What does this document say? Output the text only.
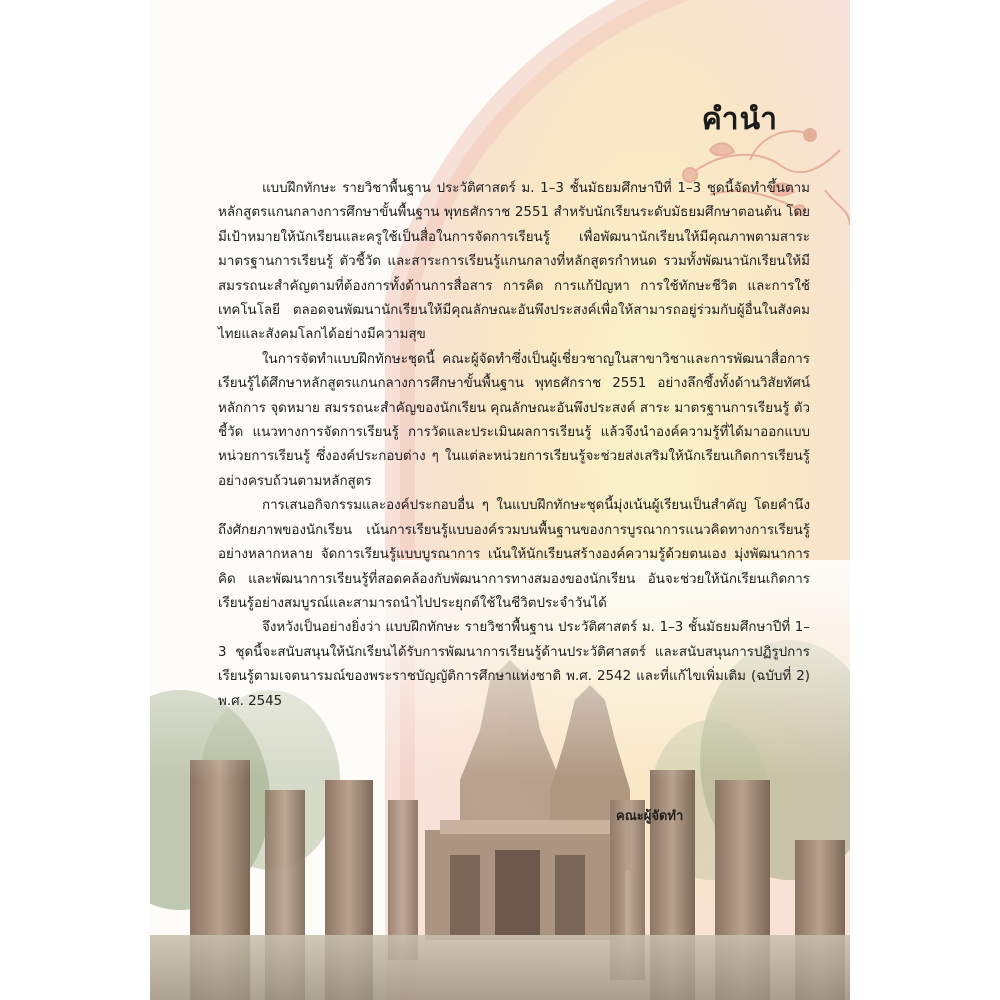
คำนำ

แบบฝึกทักษะ รายวิชาพื้นฐาน ประวัติศาสตร์ ม. 1–3 ชั้นมัธยมศึกษาปีที่ 1–3 ชุดนี้จัดทำขึ้นตามหลักสูตรแกนกลางการศึกษาขั้นพื้นฐาน พุทธศักราช 2551 สำหรับนักเรียนระดับมัธยมศึกษาตอนต้น โดยมีเป้าหมายให้นักเรียนและครูใช้เป็นสื่อในการจัดการเรียนรู้ เพื่อพัฒนานักเรียนให้มีคุณภาพตามสาระ มาตรฐานการเรียนรู้ ตัวชี้วัด และสาระการเรียนรู้แกนกลางที่หลักสูตรกำหนด รวมทั้งพัฒนานักเรียนให้มีสมรรถนะสำคัญตามที่ต้องการทั้งด้านการสื่อสาร การคิด การแก้ปัญหา การใช้ทักษะชีวิต และการใช้เทคโนโลยี ตลอดจนพัฒนานักเรียนให้มีคุณลักษณะอันพึงประสงค์เพื่อให้สามารถอยู่ร่วมกับผู้อื่นในสังคมไทยและสังคมโลกได้อย่างมีความสุข

ในการจัดทำแบบฝึกทักษะชุดนี้ คณะผู้จัดทำซึ่งเป็นผู้เชี่ยวชาญในสาขาวิชาและการพัฒนาสื่อการเรียนรู้ได้ศึกษาหลักสูตรแกนกลางการศึกษาขั้นพื้นฐาน พุทธศักราช 2551 อย่างลึกซึ้งทั้งด้านวิสัยทัศน์ หลักการ จุดหมาย สมรรถนะสำคัญของนักเรียน คุณลักษณะอันพึงประสงค์ สาระ มาตรฐานการเรียนรู้ ตัวชี้วัด แนวทางการจัดการเรียนรู้ การวัดและประเมินผลการเรียนรู้ แล้วจึงนำองค์ความรู้ที่ได้มาออกแบบหน่วยการเรียนรู้ ซึ่งองค์ประกอบต่าง ๆ ในแต่ละหน่วยการเรียนรู้จะช่วยส่งเสริมให้นักเรียนเกิดการเรียนรู้อย่างครบถ้วนตามหลักสูตร

การเสนอกิจกรรมและองค์ประกอบอื่น ๆ ในแบบฝึกทักษะชุดนี้มุ่งเน้นผู้เรียนเป็นสำคัญ โดยคำนึงถึงศักยภาพของนักเรียน เน้นการเรียนรู้แบบองค์รวมบนพื้นฐานของการบูรณาการแนวคิดทางการเรียนรู้อย่างหลากหลาย จัดการเรียนรู้แบบบูรณาการ เน้นให้นักเรียนสร้างองค์ความรู้ด้วยตนเอง มุ่งพัฒนาการคิด และพัฒนาการเรียนรู้ที่สอดคล้องกับพัฒนาการทางสมองของนักเรียน อันจะช่วยให้นักเรียนเกิดการเรียนรู้อย่างสมบูรณ์และสามารถนำไปประยุกต์ใช้ในชีวิตประจำวันได้

จึงหวังเป็นอย่างยิ่งว่า แบบฝึกทักษะ รายวิชาพื้นฐาน ประวัติศาสตร์ ม. 1–3 ชั้นมัธยมศึกษาปีที่ 1–3 ชุดนี้จะสนับสนุนให้นักเรียนได้รับการพัฒนาการเรียนรู้ด้านประวัติศาสตร์ และสนับสนุนการปฏิรูปการเรียนรู้ตามเจตนารมณ์ของพระราชบัญญัติการศึกษาแห่งชาติ พ.ศ. 2542 และที่แก้ไขเพิ่มเติม (ฉบับที่ 2) พ.ศ. 2545

คณะผู้จัดทำ
